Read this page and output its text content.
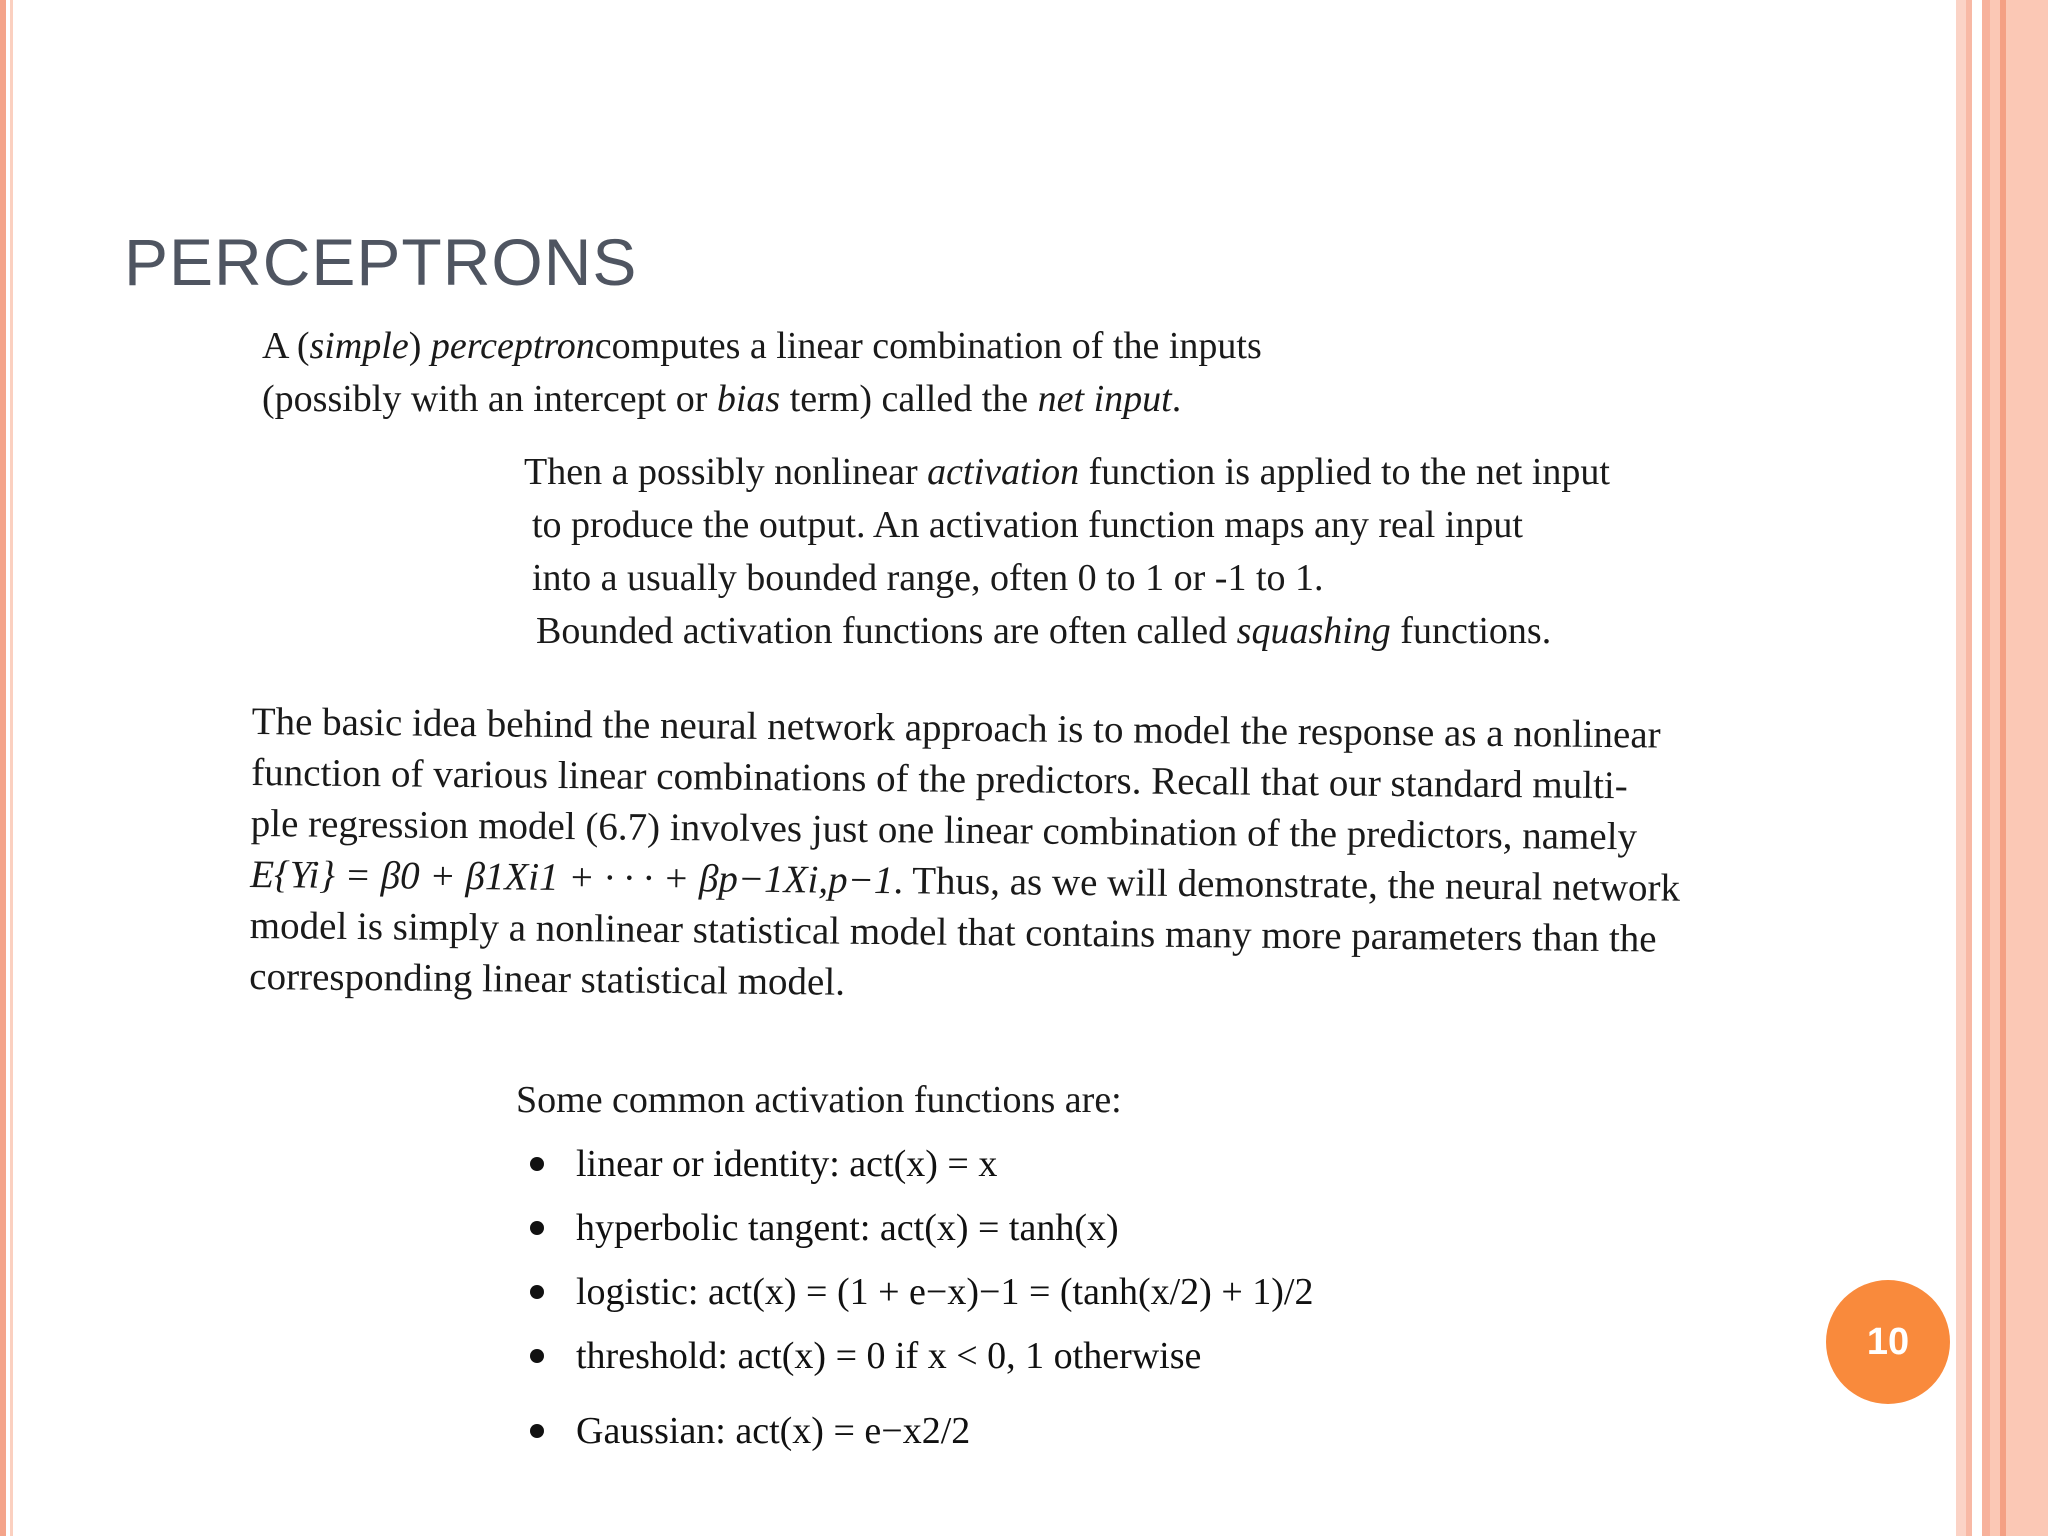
PERCEPTRONS
A (simple) perceptroncomputes a linear combination of the inputs
(possibly with an intercept or bias term) called the net input.
Then a possibly nonlinear activation function is applied to the net input
to produce the output. An activation function maps any real input
into a usually bounded range, often 0 to 1 or -1 to 1.
Bounded activation functions are often called squashing functions.
The basic idea behind the neural network approach is to model the response as a nonlinear
function of various linear combinations of the predictors. Recall that our standard multi-
ple regression model (6.7) involves just one linear combination of the predictors, namely
E{Yi} = β0 + β1Xi1 + · · · + βp−1Xi,p−1. Thus, as we will demonstrate, the neural network
model is simply a nonlinear statistical model that contains many more parameters than the
corresponding linear statistical model.
Some common activation functions are:
linear or identity: act(x) = x
hyperbolic tangent: act(x) = tanh(x)
logistic: act(x) = (1 + e−x)−1 = (tanh(x/2) + 1)/2
threshold: act(x) = 0 if x < 0, 1 otherwise
Gaussian: act(x) = e−x2/2
10
